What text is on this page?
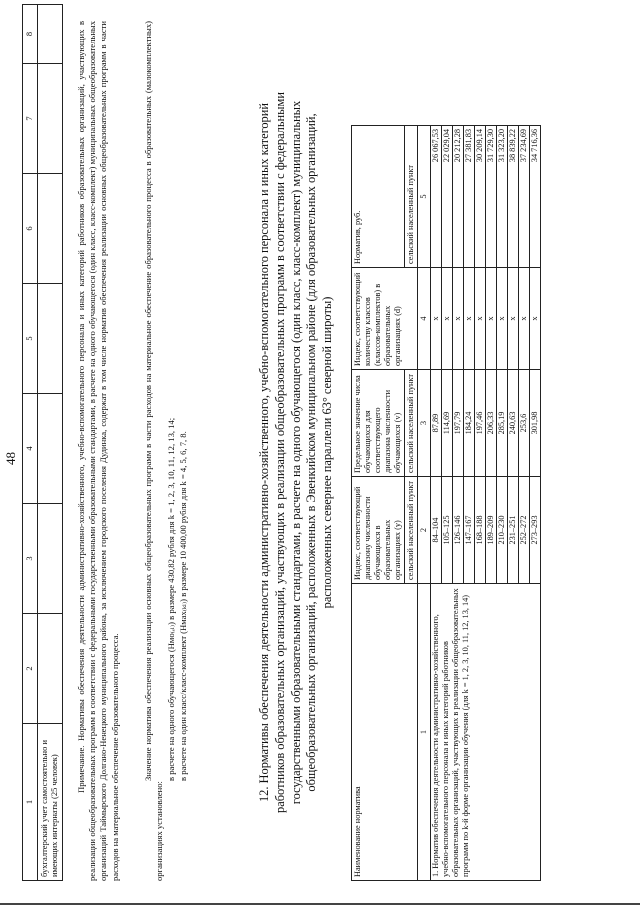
48
1	2	3	4	5	6	7	8
бухгалтерский учет самостоятельно и имеющих интернаты (25 человек)							
Примечание. Нормативы обеспечения деятельности административно-хозяйственного, учебно-вспомогательного персонала и иных категорий работников образовательных организаций, участвующих в реализации общеобразовательных программ в соответствии с федеральными государственными образовательными стандартами, в расчете на одного обучающегося (один класс, класс-комплект) муниципальных общеобразовательных организаций Таймырского Долгано-Ненецкого муниципального района, за исключением городского поселения Дудинка, содержат в том числе норматив обеспечения реализации основных общеобразовательных программ в части расходов на материальное обеспечение образовательного процесса.	Значение норматива обеспечения реализации основных общеобразовательных программ в части расходов на материальное обеспечение образовательного процесса в образовательных (малокомплектных) организациях установлено:
в расчете на одного обучающегося (Нмо₍ₑₗ₎) в размере 430,82 рубля для k = 1, 2, 3, 10, 11, 12, 13, 14; в расчете на один класс/класс-комплект (Нмаx₍ₖₗ₎) в размере 10 400,00 рубля для k = 4, 5, 6, 7, 8.	12. Нормативы обеспечения деятельности административно-хозяйственного, учебно-вспомогательного персонала и иных категорий работников образовательных организаций, участвующих в реализации общеобразовательных программ в соответствии с федеральными государственными образовательными стандартами, в расчете на одного обучающегося (один класс, класс-комплект) муниципальных общеобразовательных организаций, расположенных в Эвенкийском муниципальном районе (для образовательных организаций, расположенных севернее параллели 63° северной широты)
Наименование норматива	Индекс, соответствующий диапазону численности обучающихся в образовательных организациях (y)	Предельное значение числа обучающихся для соответствующего диапазона численности обучающихся (v)	Индекс, соответствующий количеству классов (классов-комплектов) в образовательных организациях (d)	Норматив, руб.
	сельский населенный пункт	сельский населенный пункт		сельский населенный пункт
1	2	3	4	5
1. Норматив обеспечения деятельности административно-хозяйственного, учебно-вспомогательного персонала и иных категорий работников образовательных организаций, участвующих в реализации общеобразовательных программ по k-й форме организации обучения (для k = 1, 2, 3, 10, 11, 12, 13, 14)	84–104	87,89	х	26 067,53
	105–125	114,69	х	22 029,04
	126–146	197,79	х	20 212,28
	147–167	184,24	х	27 381,83
	168–188	197,46	х	30 209,14
	189–209	206,33	х	31 729,30
	210–230	285,19	х	31 323,20
	231–251	240,63	х	38 839,22
	252–272	253,6	х	37 234,69
	273–293	301,98	х	34 716,36
